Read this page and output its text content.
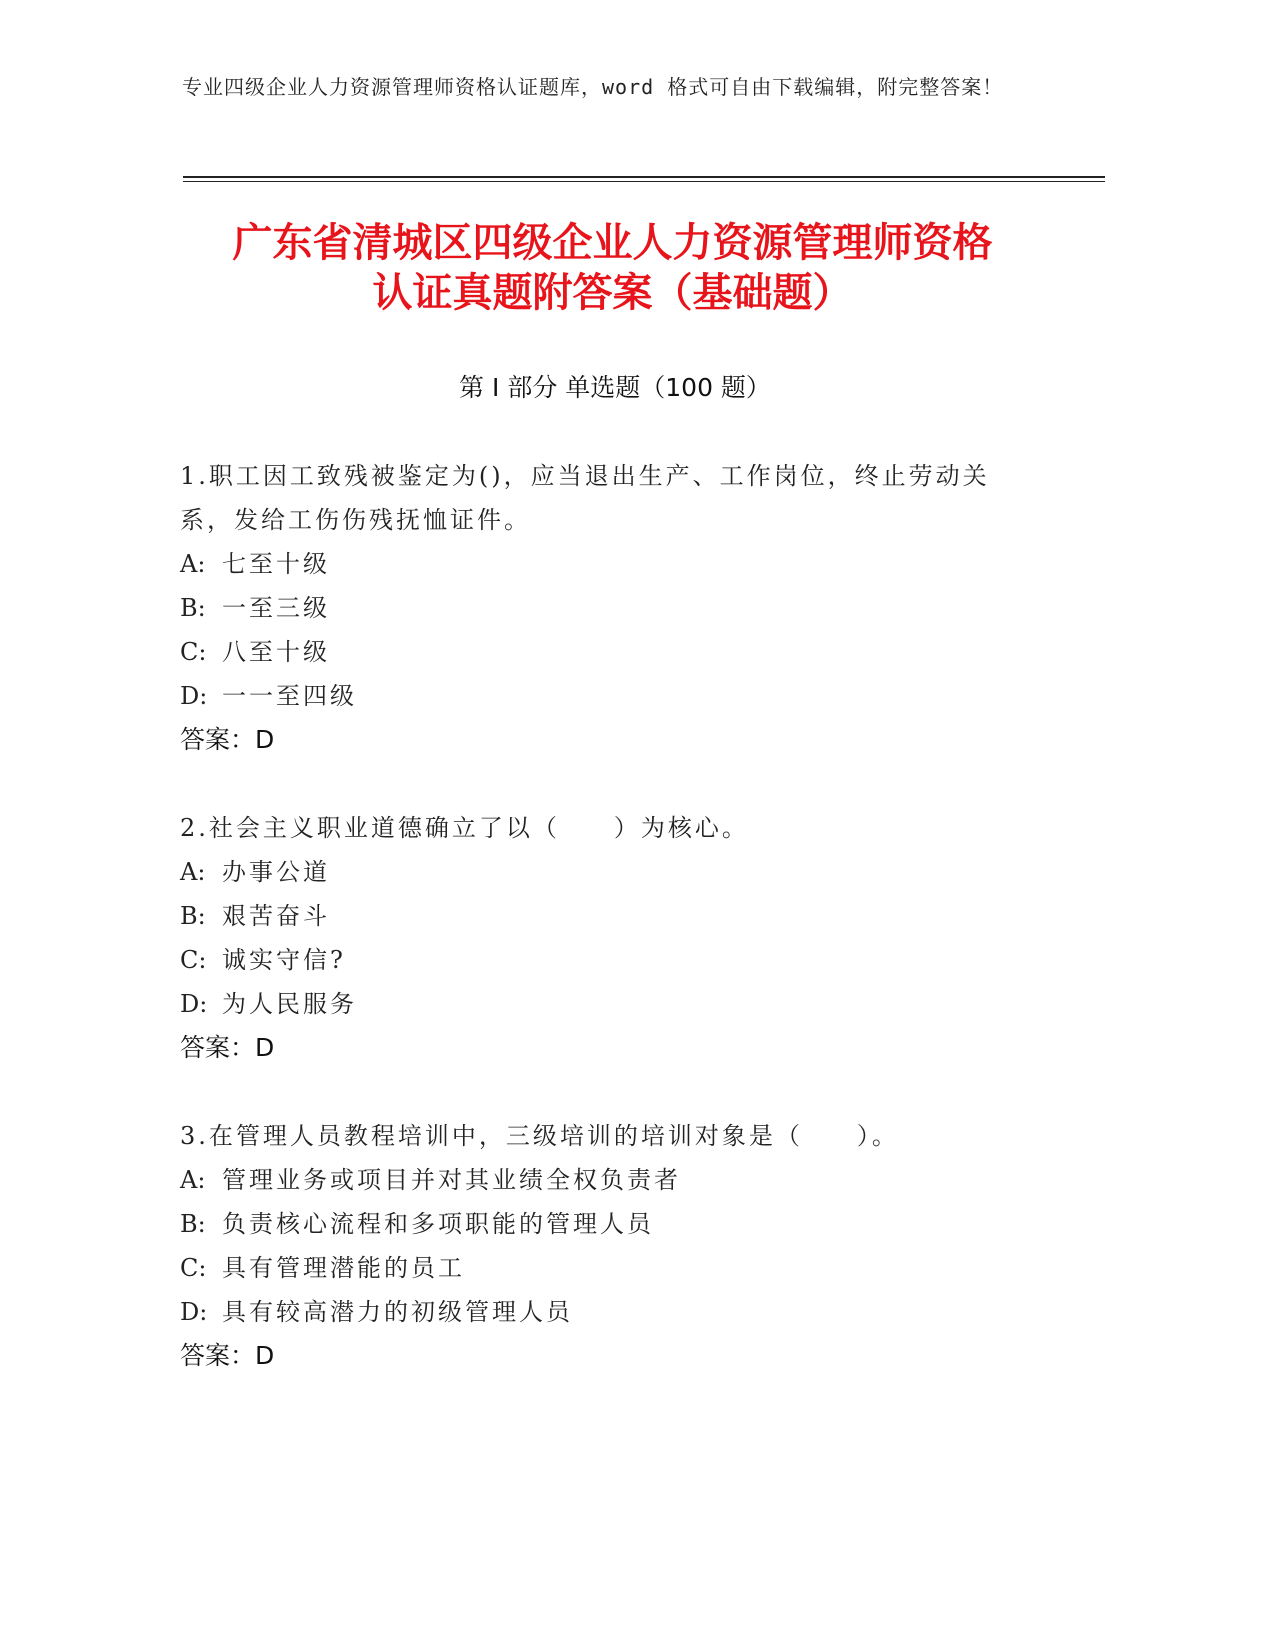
专业四级企业人力资源管理师资格认证题库，word 格式可自由下载编辑，附完整答案！
广东省清城区四级企业人力资源管理师资格
认证真题附答案（基础题）
第 I 部分 单选题（100 题）
1.职工因工致残被鉴定为()，应当退出生产、工作岗位，终止劳动关
系，发给工伤伤残抚恤证件。
A: 七至十级
B: 一至三级
C: 八至十级
D: 一一至四级
答案：D
2.社会主义职业道德确立了以（　　）为核心。
A: 办事公道
B: 艰苦奋斗
C: 诚实守信?
D: 为人民服务
答案：D
3.在管理人员教程培训中，三级培训的培训对象是（　　）。
A: 管理业务或项目并对其业绩全权负责者
B: 负责核心流程和多项职能的管理人员
C: 具有管理潜能的员工
D: 具有较高潜力的初级管理人员
答案：D
